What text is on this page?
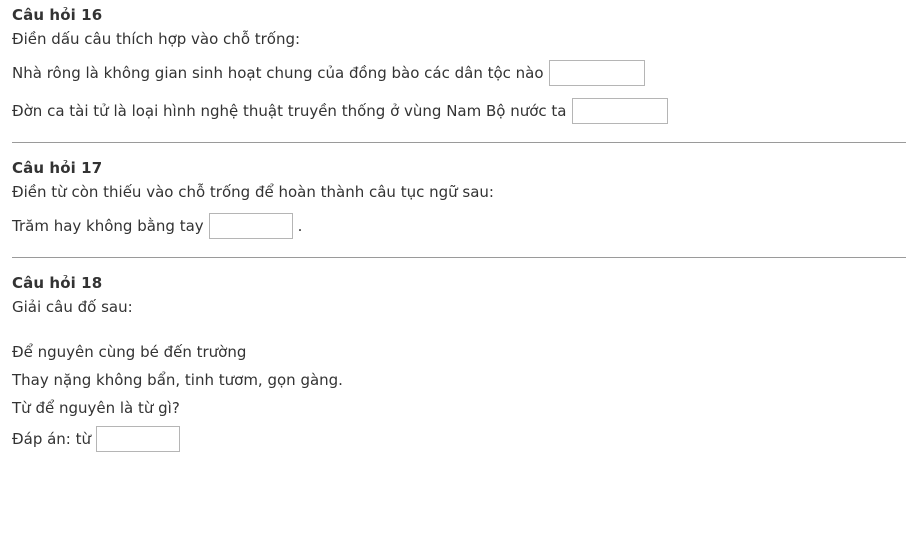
Câu hỏi 16
Điền dấu câu thích hợp vào chỗ trống:
Nhà rông là không gian sinh hoạt chung của đồng bào các dân tộc nào
Đờn ca tài tử là loại hình nghệ thuật truyền thống ở vùng Nam Bộ nước ta
Câu hỏi 17
Điền từ còn thiếu vào chỗ trống để hoàn thành câu tục ngữ sau:
Trăm hay không bằng tay	.
Câu hỏi 18
Giải câu đố sau:
Để nguyên cùng bé đến trường
Thay nặng không bẩn, tinh tươm, gọn gàng.
Từ để nguyên là từ gì?
Đáp án: từ
